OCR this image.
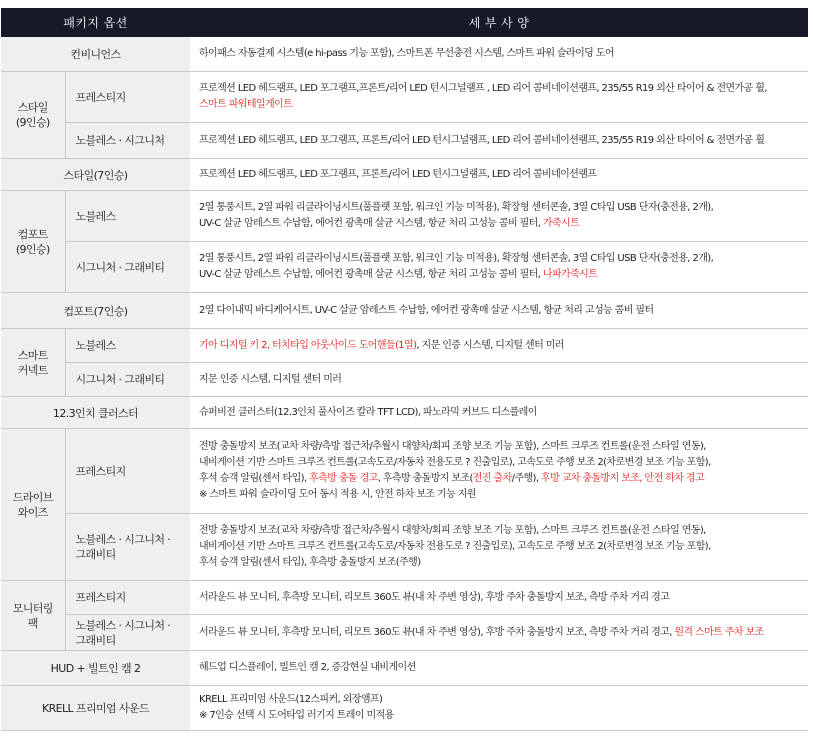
패키지 옵션		세 부 사 양
컨비니언스		하이패스 자동결제 시스템(e hi-pass 기능 포함), 스마트폰 무선충전 시스템, 스마트 파워 슬라이딩 도어

스타일
(9인승)	프레스티지	프로젝션 LED 헤드램프, LED 포그램프,프론트/리어 LED 턴시그널램프 , LED 리어 콤비네이션램프, 235/55 R19 외산 타이어 & 전면가공 휠,
스마트 파워테일게이트

	노블레스 · 시그니처	프로젝션 LED 헤드램프, LED 포그램프, 프론트/리어 LED 턴시그널램프, LED 리어 콤비네이션램프, 235/55 R19 외산 타이어 & 전면가공 휠
스타일(7인승)		프로젝션 LED 헤드램프, LED 포그램프, 프론트/리어 LED 턴시그널램프, LED 리어 콤비네이션램프

컴포트
(9인승)	노블레스	2열 통풍시트, 2열 파워 리클라이닝시트(풀플랫 포함, 워크인 기능 미적용), 확장형 센터콘솔, 3열 C타입 USB 단자(충전용, 2개),
UV-C 살균 암레스트 수납함, 에어컨 광촉매 살균 시스템, 항균 처리 고성능 콤비 필터, 가죽시트

	시그니처 · 그래비티	2열 통풍시트, 2열 파워 리클라이닝시트(풀플랫 포함, 워크인 기능 미적용), 확장형 센터콘솔, 3열 C타입 USB 단자(충전용, 2개),
UV-C 살균 암레스트 수납함, 에어컨 광촉매 살균 시스템, 항균 처리 고성능 콤비 필터, 나파가죽시트

컴포트(7인승)		2열 다이내믹 바디케어시트, UV-C 살균 암레스트 수납함, 에어컨 광촉매 살균 시스템, 항균 처리 고성능 콤비 필터

스마트
커넥트	노블레스	기아 디지털 키 2, 터치타입 아웃사이드 도어핸들(1열), 지문 인증 시스템, 디지털 센터 미러
	시그니처 · 그래비티	지문 인증 시스템, 디지털 센터 미러
12.3인치 클러스터		슈퍼비전 클러스터(12.3인치 풀사이즈 칼라 TFT LCD), 파노라믹 커브드 디스플레이

드라이브
와이즈	프레스티지	전방 충돌방지 보조(교차 차량/측방 접근차/추월시 대향차/회피 조향 보조 기능 포함), 스마트 크루즈 컨트롤(운전 스타일 연동),
내비게이션 기반 스마트 크루즈 컨트롤(고속도로/자동차 전용도로 ? 진출입로), 고속도로 주행 보조 2(차로변경 보조 기능 포함),
후석 승객 알림(센서 타입), 후측방 충돌 경고, 후측방 충돌방지 보조(전진 출차/주행), 후방 교차 충돌방지 보조, 안전 하차 경고
※ 스마트 파워 슬라이딩 도어 동시 적용 시, 안전 하차 보조 기능 지원

	노블레스 · 시그니처 ·
그래비티	전방 충돌방지 보조(교차 차량/측방 접근차/추월시 대향차/회피 조향 보조 기능 포함), 스마트 크루즈 컨트롤(운전 스타일 연동),
내비게이션 기반 스마트 크루즈 컨트롤(고속도로/자동차 전용도로 ? 진출입로), 고속도로 주행 보조 2(차로변경 보조 기능 포함),
후석 승객 알림(센서 타입), 후측방 충돌방지 보조(주행)

모니터링
팩	프레스티지	서라운드 뷰 모니터, 후측방 모니터, 리모트 360도 뷰(내 차 주변 영상), 후방 주차 충돌방지 보조, 측방 주차 거리 경고

	노블레스 · 시그니처 ·
그래비티	서라운드 뷰 모니터, 후측방 모니터, 리모트 360도 뷰(내 차 주변 영상), 후방 주차 충돌방지 보조, 측방 주차 거리 경고, 원격 스마트 주차 보조
HUD + 빌트인 캠 2		헤드업 디스플레이, 빌트인 캠 2, 증강현실 내비게이션
KRELL 프리미엄 사운드		KRELL 프리미엄 사운드(12스피커, 외장앰프)
※ 7인승 선택 시 도어타입 러기지 트레이 미적용
